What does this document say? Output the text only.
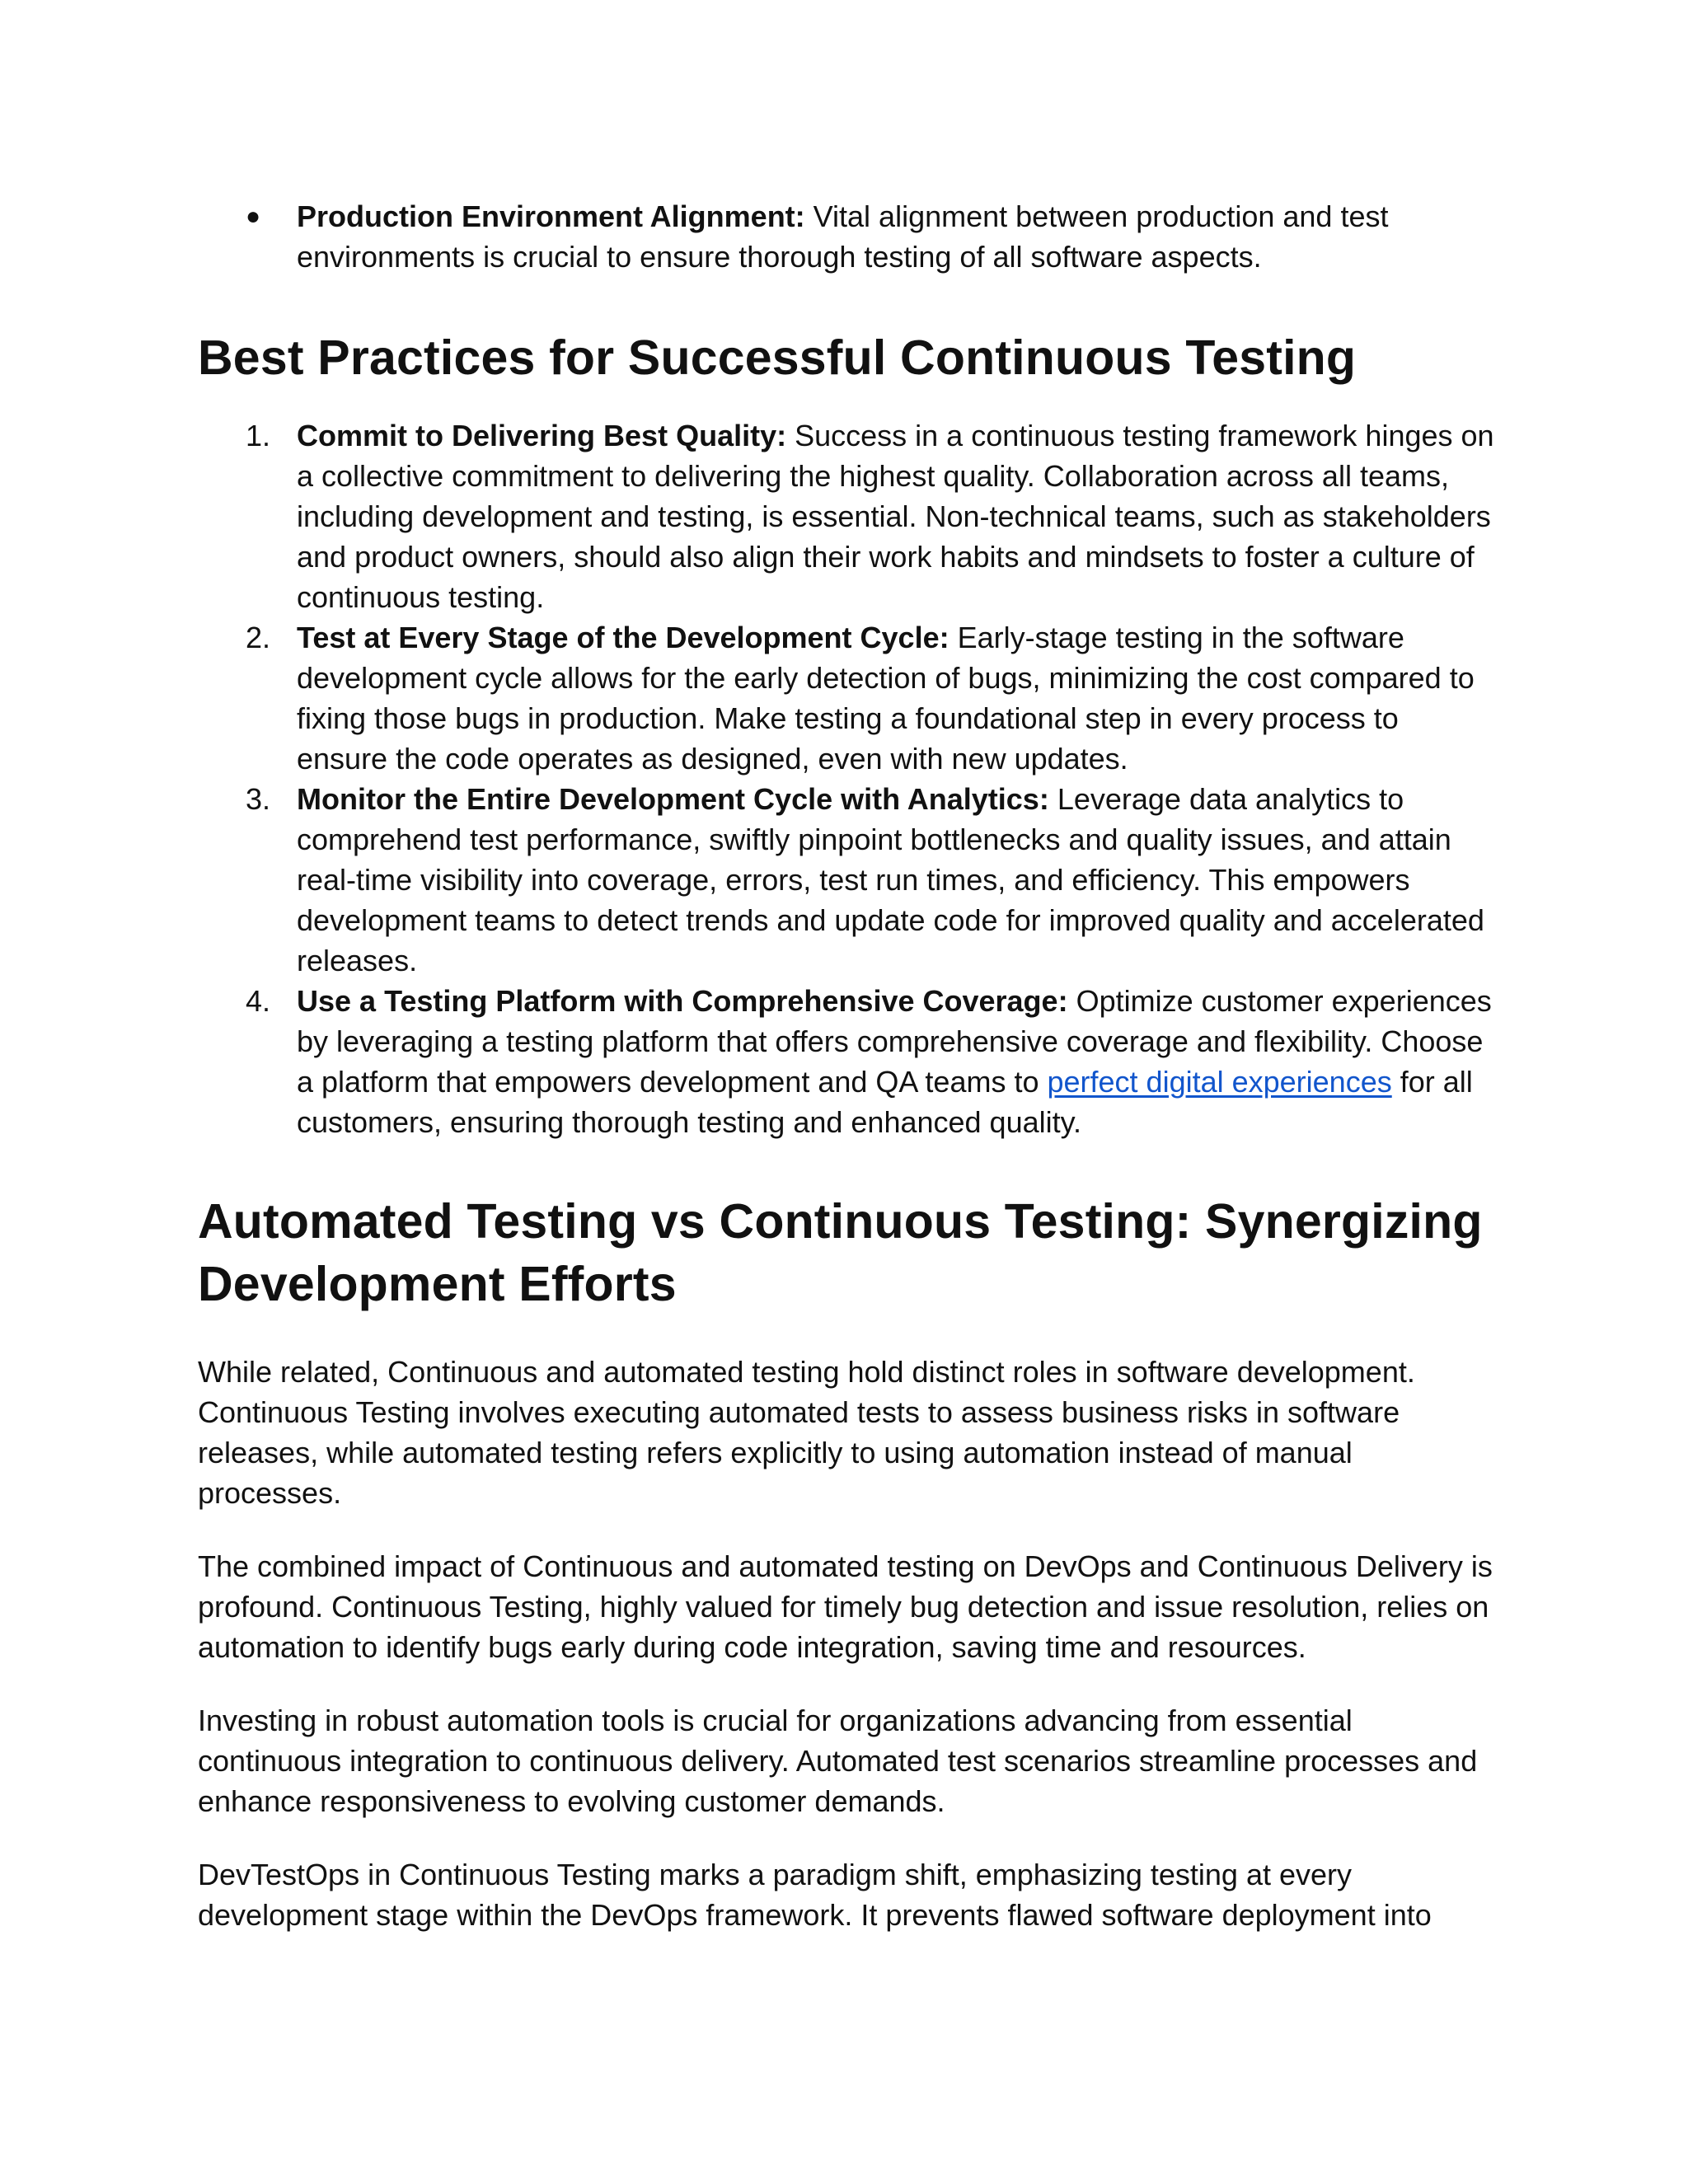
● Production Environment Alignment: Vital alignment between production and test environments is crucial to ensure thorough testing of all software aspects.
Best Practices for Successful Continuous Testing
1. Commit to Delivering Best Quality: Success in a continuous testing framework hinges on a collective commitment to delivering the highest quality. Collaboration across all teams, including development and testing, is essential. Non-technical teams, such as stakeholders and product owners, should also align their work habits and mindsets to foster a culture of continuous testing.
2. Test at Every Stage of the Development Cycle: Early-stage testing in the software development cycle allows for the early detection of bugs, minimizing the cost compared to fixing those bugs in production. Make testing a foundational step in every process to ensure the code operates as designed, even with new updates.
3. Monitor the Entire Development Cycle with Analytics: Leverage data analytics to comprehend test performance, swiftly pinpoint bottlenecks and quality issues, and attain real-time visibility into coverage, errors, test run times, and efficiency. This empowers development teams to detect trends and update code for improved quality and accelerated releases.
4. Use a Testing Platform with Comprehensive Coverage: Optimize customer experiences by leveraging a testing platform that offers comprehensive coverage and flexibility. Choose a platform that empowers development and QA teams to perfect digital experiences for all customers, ensuring thorough testing and enhanced quality.
Automated Testing vs Continuous Testing: Synergizing Development Efforts

While related, Continuous and automated testing hold distinct roles in software development. Continuous Testing involves executing automated tests to assess business risks in software releases, while automated testing refers explicitly to using automation instead of manual processes.

The combined impact of Continuous and automated testing on DevOps and Continuous Delivery is profound. Continuous Testing, highly valued for timely bug detection and issue resolution, relies on automation to identify bugs early during code integration, saving time and resources.

Investing in robust automation tools is crucial for organizations advancing from essential continuous integration to continuous delivery. Automated test scenarios streamline processes and enhance responsiveness to evolving customer demands.

DevTestOps in Continuous Testing marks a paradigm shift, emphasizing testing at every development stage within the DevOps framework. It prevents flawed software deployment into
